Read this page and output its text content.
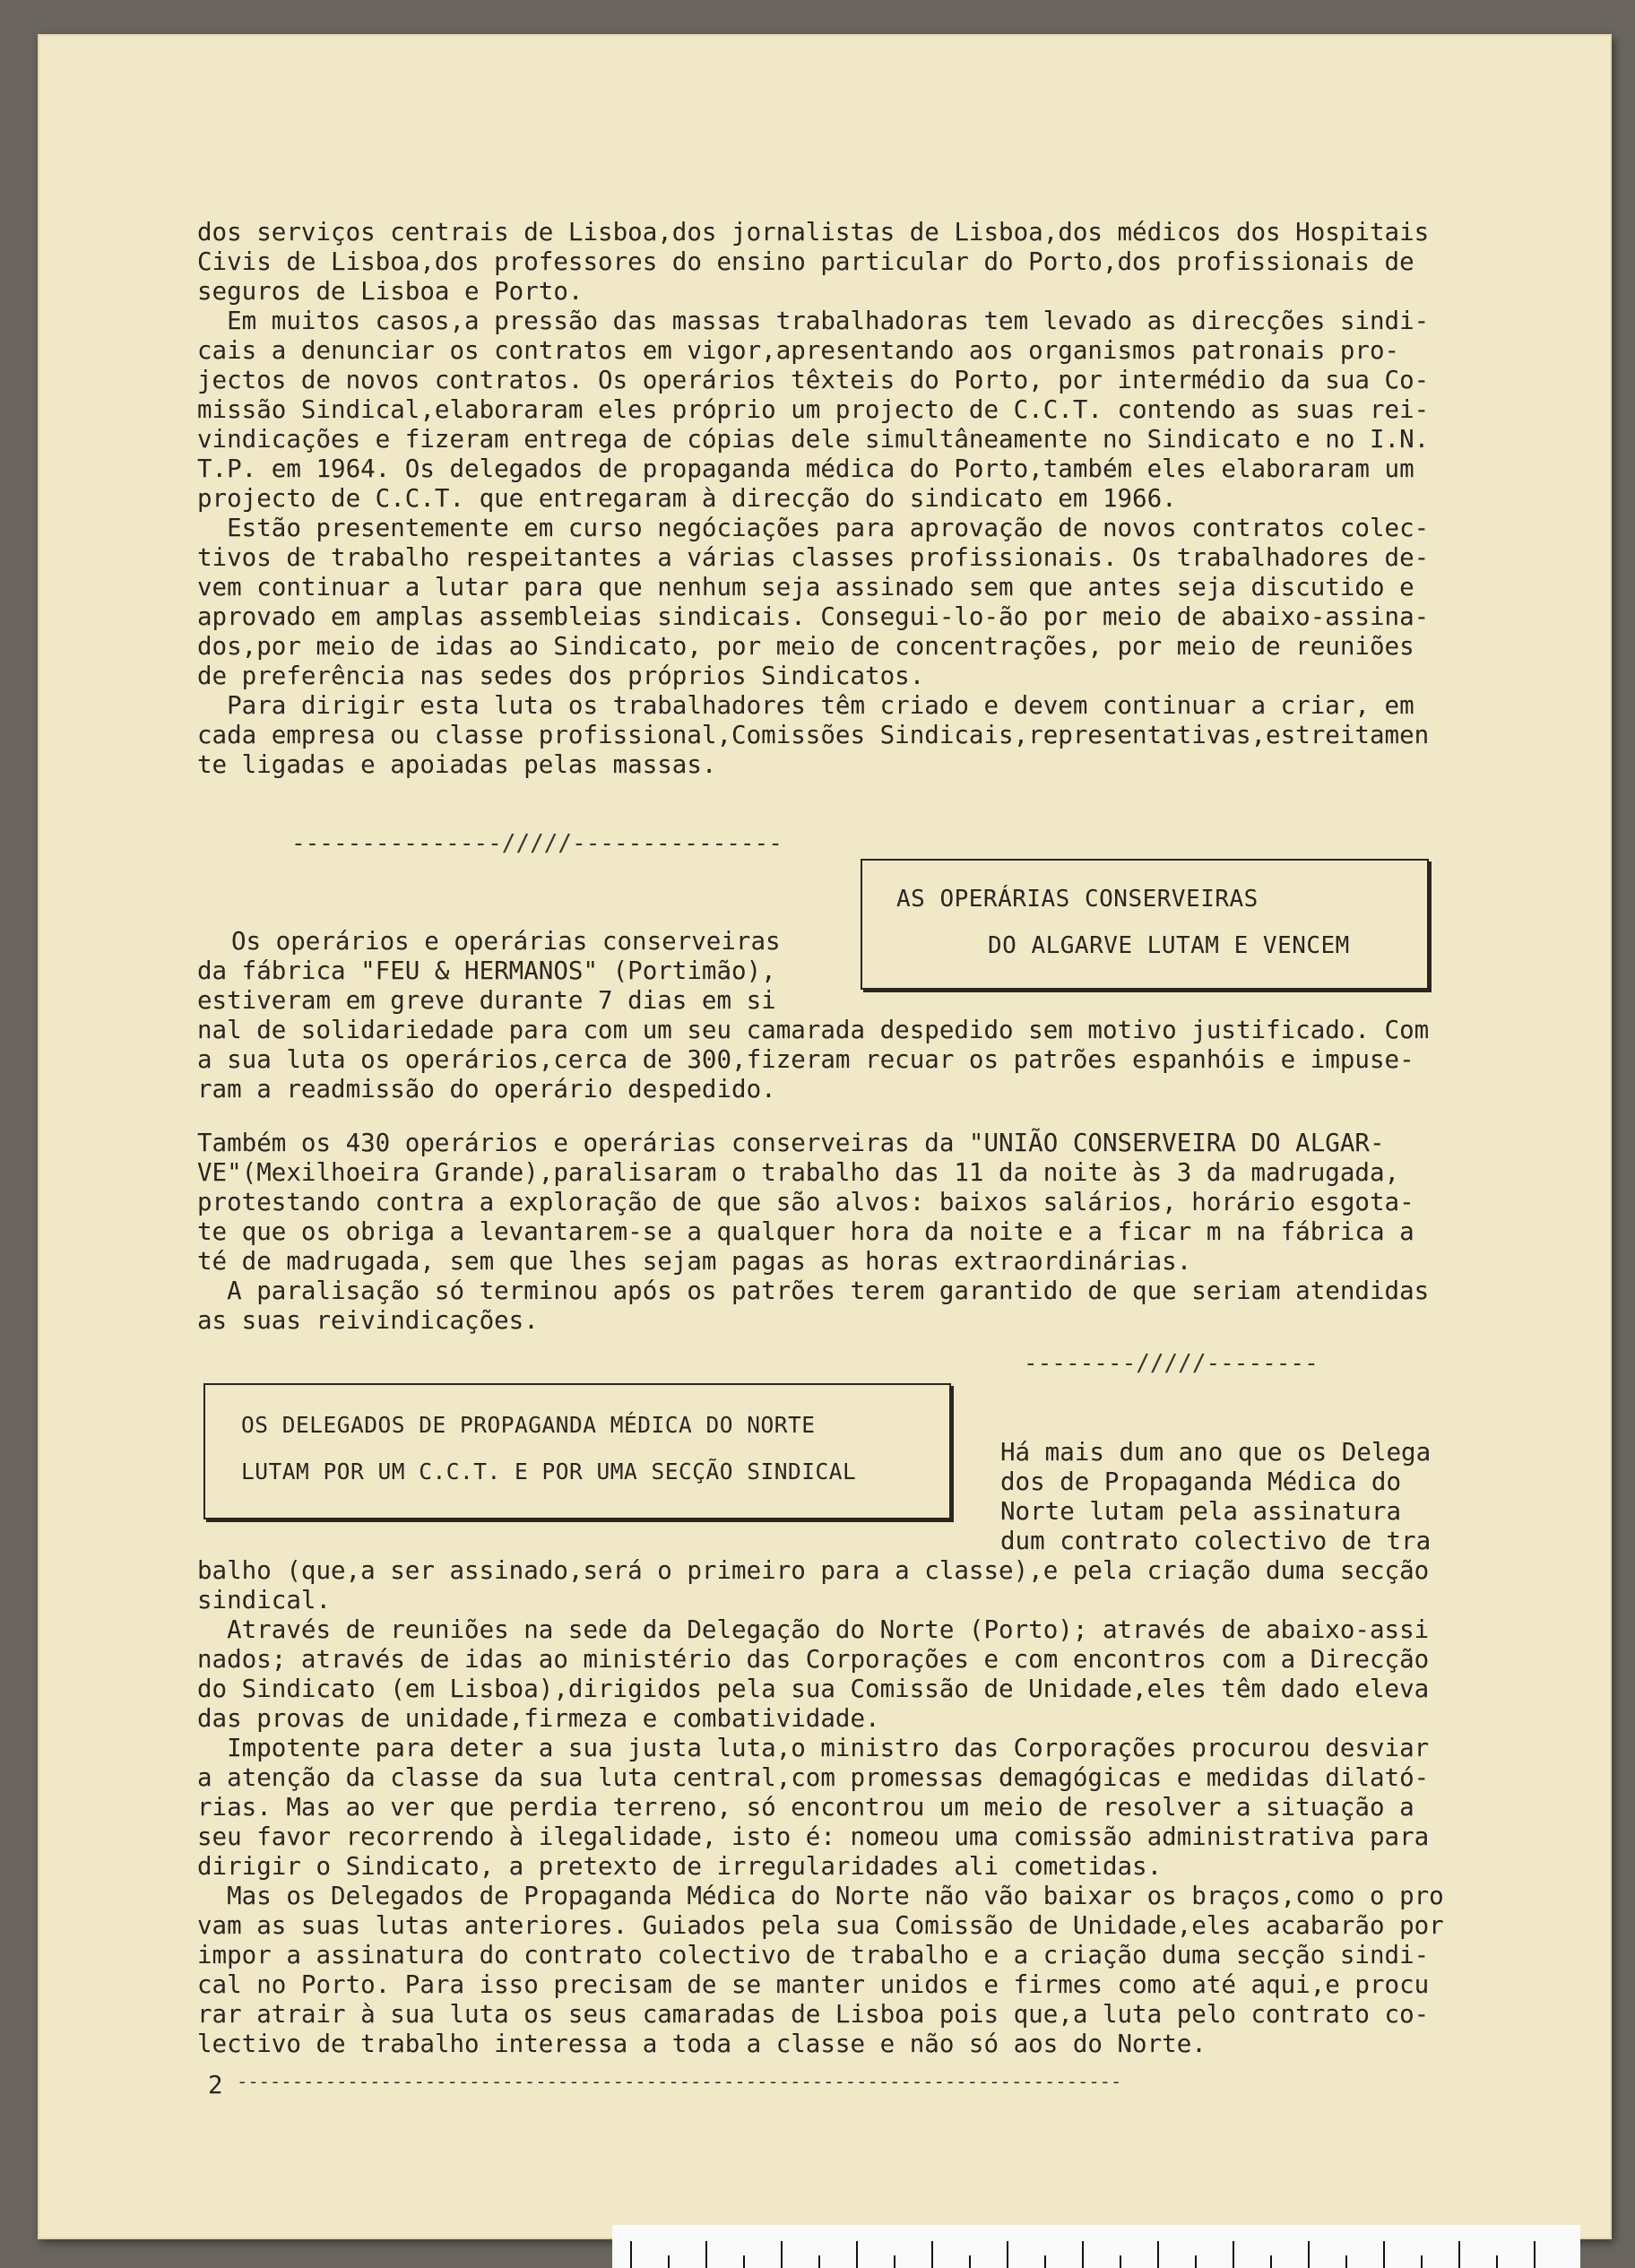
dos serviços centrais de Lisboa,dos jornalistas de Lisboa,dos médicos dos Hospitais
Civis de Lisboa,dos professores do ensino particular do Porto,dos profissionais de
seguros de Lisboa e Porto.
Em muitos casos,a pressão das massas trabalhadoras tem levado as direcções sindi-
cais a denunciar os contratos em vigor,apresentando aos organismos patronais pro-
jectos de novos contratos. Os operários têxteis do Porto, por intermédio da sua Co-
missão Sindical,elaboraram eles próprio um projecto de C.C.T. contendo as suas rei-
vindicações e fizeram entrega de cópias dele simultâneamente no Sindicato e no I.N.
T.P. em 1964. Os delegados de propaganda médica do Porto,também eles elaboraram um
projecto de C.C.T. que entregaram à direcção do sindicato em 1966.
Estão presentemente em curso negóciações para aprovação de novos contratos colec-
tivos de trabalho respeitantes a várias classes profissionais. Os trabalhadores de-
vem continuar a lutar para que nenhum seja assinado sem que antes seja discutido e
aprovado em amplas assembleias sindicais. Consegui-lo-ão por meio de abaixo-assina-
dos,por meio de idas ao Sindicato, por meio de concentrações, por meio de reuniões
de preferência nas sedes dos próprios Sindicatos.
Para dirigir esta luta os trabalhadores têm criado e devem continuar a criar, em
cada empresa ou classe profissional,Comissões Sindicais,representativas,estreitamen
te ligadas e apoiadas pelas massas.
---------------/////---------------
AS OPERÁRIAS CONSERVEIRAS
DO ALGARVE LUTAM E VENCEM
Os operários e operárias conserveiras
da fábrica "FEU & HERMANOS" (Portimão),
estiveram em greve durante 7 dias em si
nal de solidariedade para com um seu camarada despedido sem motivo justificado. Com
a sua luta os operários,cerca de 300,fizeram recuar os patrões espanhóis e impuse-
ram a readmissão do operário despedido.
Também os 430 operários e operárias conserveiras da "UNIÃO CONSERVEIRA DO ALGAR-
VE"(Mexilhoeira Grande),paralisaram o trabalho das 11 da noite às 3 da madrugada,
protestando contra a exploração de que são alvos: baixos salários, horário esgota-
te que os obriga a levantarem-se a qualquer hora da noite e a ficar m na fábrica a
té de madrugada, sem que lhes sejam pagas as horas extraordinárias.
A paralisação só terminou após os patrões terem garantido de que seriam atendidas
as suas reivindicações.
--------/////--------
OS DELEGADOS DE PROPAGANDA MÉDICA DO NORTE
LUTAM POR UM C.C.T. E POR UMA SECÇÃO SINDICAL
Há mais dum ano que os Delega
dos de Propaganda Médica do
Norte lutam pela assinatura
dum contrato colectivo de tra
balho (que,a ser assinado,será o primeiro para a classe),e pela criação duma secção
sindical.
Através de reuniões na sede da Delegação do Norte (Porto); através de abaixo-assi
nados; através de idas ao ministério das Corporações e com encontros com a Direcção
do Sindicato (em Lisboa),dirigidos pela sua Comissão de Unidade,eles têm dado eleva
das provas de unidade,firmeza e combatividade.
Impotente para deter a sua justa luta,o ministro das Corporações procurou desviar
a atenção da classe da sua luta central,com promessas demagógicas e medidas dilató-
rias. Mas ao ver que perdia terreno, só encontrou um meio de resolver a situação a
seu favor recorrendo à ilegalidade, isto é: nomeou uma comissão administrativa para
dirigir o Sindicato, a pretexto de irregularidades ali cometidas.
Mas os Delegados de Propaganda Médica do Norte não vão baixar os braços,como o pro
vam as suas lutas anteriores. Guiados pela sua Comissão de Unidade,eles acabarão por
impor a assinatura do contrato colectivo de trabalho e a criação duma secção sindi-
cal no Porto. Para isso precisam de se manter unidos e firmes como até aqui,e procu
rar atrair à sua luta os seus camaradas de Lisboa pois que,a luta pelo contrato co-
lectivo de trabalho interessa a toda a classe e não só aos do Norte.
2 --------------------------------------------------------------------------------
